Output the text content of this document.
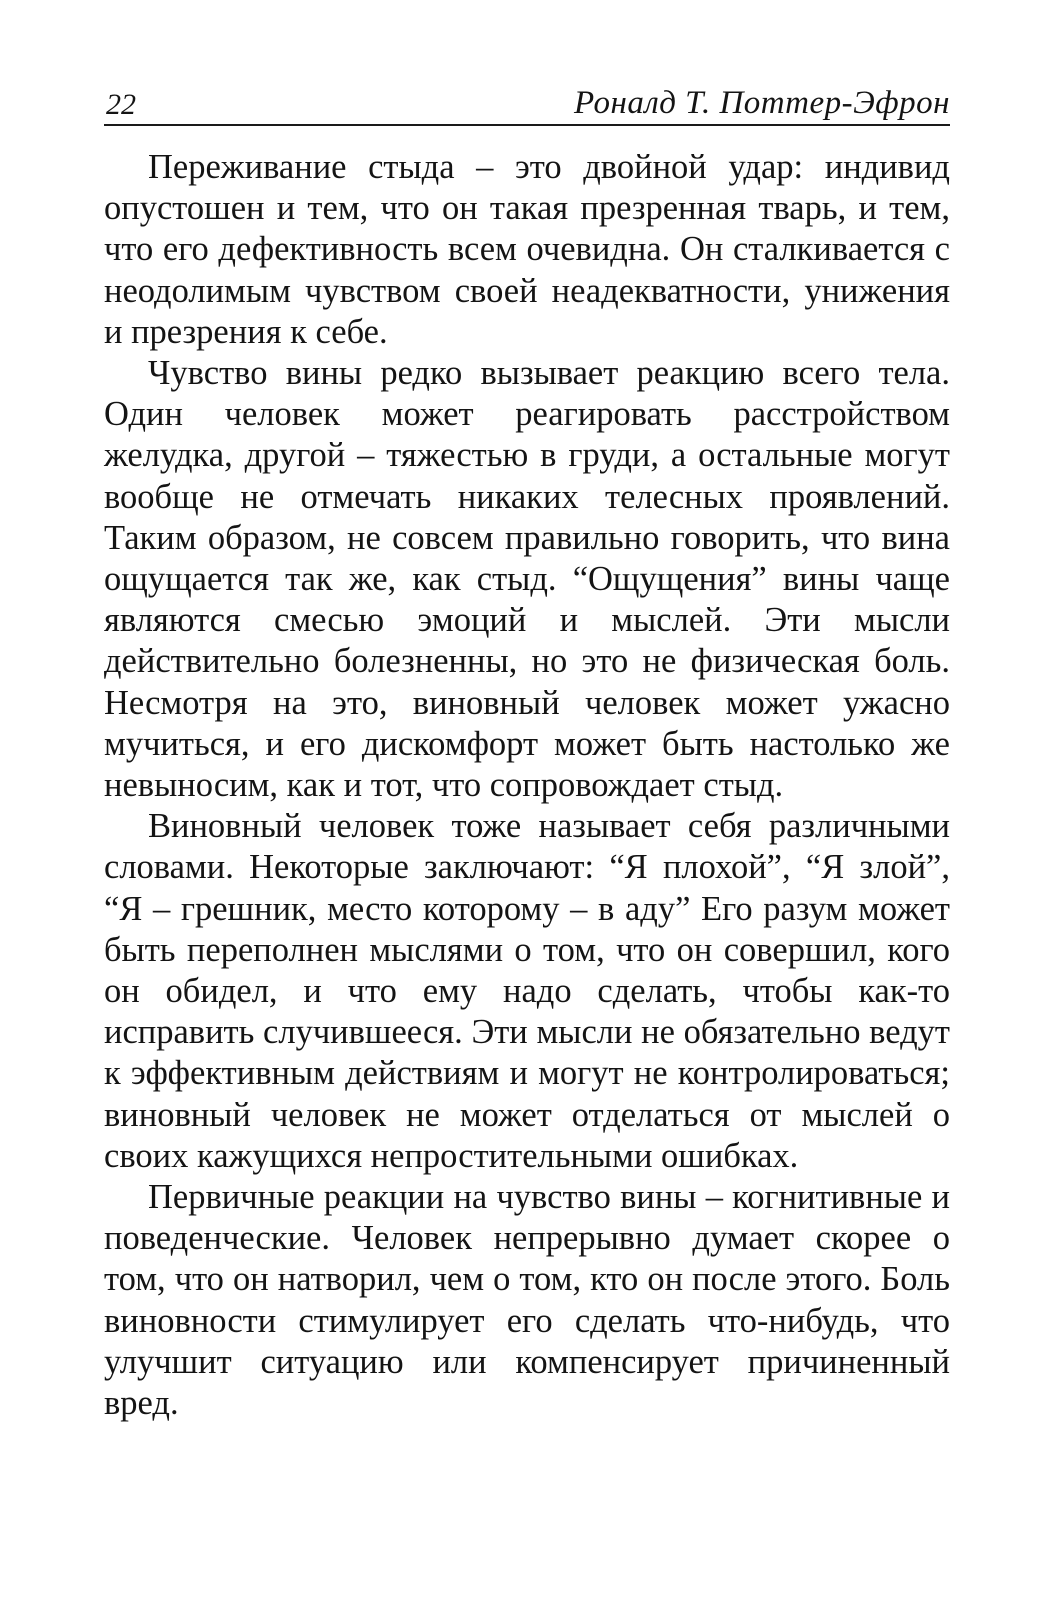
22	Роналд Т. Поттер-Эфрон

Переживание стыда – это двойной удар: индивид опустошен и тем, что он такая презренная тварь, и тем, что его дефективность всем очевидна. Он сталкивается с неодолимым чувством своей неадекватности, унижения и презрения к себе.

Чувство вины редко вызывает реакцию всего тела. Один человек может реагировать расстройством желудка, другой – тяжестью в груди, а остальные могут вообще не отмечать никаких телесных проявлений. Таким образом, не совсем правильно говорить, что вина ощущается так же, как стыд. “Ощущения” вины чаще являются смесью эмоций и мыслей. Эти мысли действительно болезненны, но это не физическая боль. Несмотря на это, виновный человек может ужасно мучиться, и его дискомфорт может быть настолько же невыносим, как и тот, что сопровождает стыд.

Виновный человек тоже называет себя различными словами. Некоторые заключают: “Я плохой”, “Я злой”, “Я – грешник, место которому – в аду” Его разум может быть переполнен мыслями о том, что он совершил, кого он обидел, и что ему надо сделать, чтобы как-то исправить случившееся. Эти мысли не обязательно ведут к эффективным действиям и могут не контролироваться; виновный человек не может отделаться от мыслей о своих кажущихся непростительными ошибках.

Первичные реакции на чувство вины – когнитивные и поведенческие. Человек непрерывно думает скорее о том, что он натворил, чем о том, кто он после этого. Боль виновности стимулирует его сделать что-нибудь, что улучшит ситуацию или компенсирует причиненный вред.
